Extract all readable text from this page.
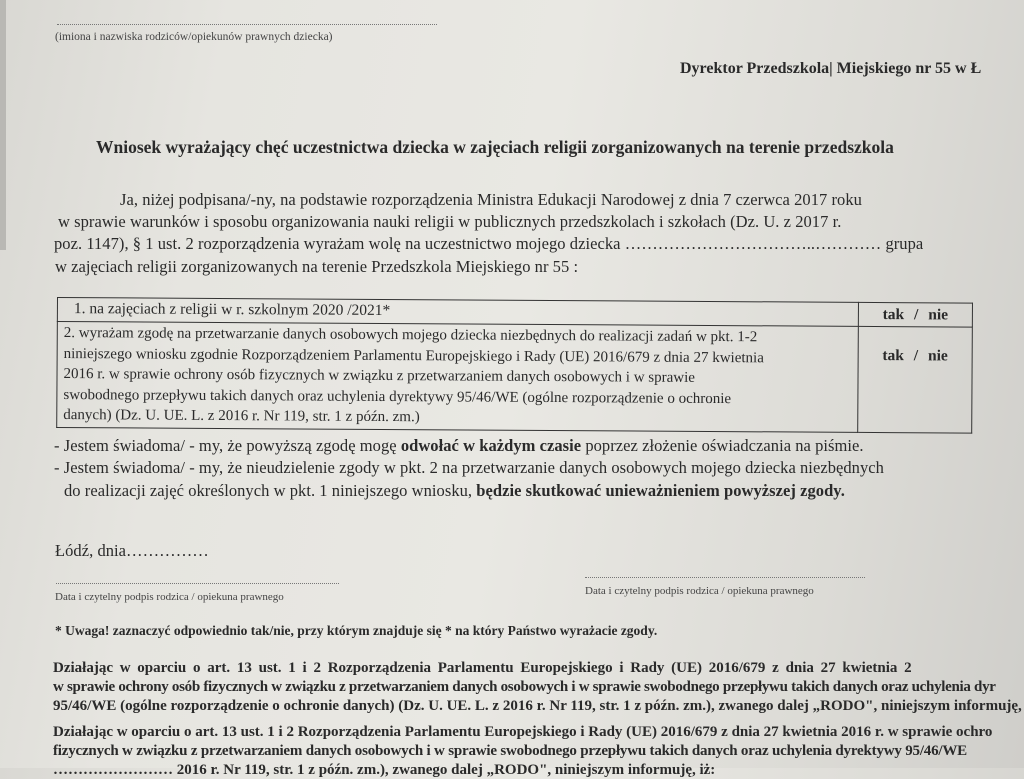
(imiona i nazwiska rodziców/opiekunów prawnych dziecka)
Dyrektor Przedszkola| Miejskiego nr 55 w Ł
Wniosek wyrażający chęć uczestnictwa dziecka w zajęciach religii zorganizowanych na terenie przedszkola
Ja, niżej podpisana/-ny, na podstawie rozporządzenia Ministra Edukacji Narodowej z dnia 7 czerwca 2017 roku
w sprawie warunków i sposobu organizowania nauki religii w publicznych przedszkolach i szkołach (Dz. U. z 2017 r.
poz. 1147), § 1 ust. 2 rozporządzenia wyrażam wolę na uczestnictwo mojego dziecka ……………………………..………… grupa
w zajęciach religii zorganizowanych na terenie Przedszkola Miejskiego nr 55 :
1. na zajęciach z religii w r. szkolnym 2020 /2021*	tak / nie

2. wyrażam zgodę na przetwarzanie danych osobowych mojego dziecka niezbędnych do realizacji zadań w pkt. 1-2
niniejszego wniosku zgodnie Rozporządzeniem Parlamentu Europejskiego i Rady (UE) 2016/679 z dnia 27 kwietnia
2016 r. w sprawie ochrony osób fizycznych w związku z przetwarzaniem danych osobowych i w sprawie
swobodnego przepływu takich danych oraz uchylenia dyrektywy 95/46/WE (ogólne rozporządzenie o ochronie
danych) (Dz. U. UE. L. z 2016 r. Nr 119, str. 1 z późn. zm.)	tak / nie
- Jestem świadoma/ - my, że powyższą zgodę mogę odwołać w każdym czasie poprzez złożenie oświadczania na piśmie.
- Jestem świadoma/ - my, że nieudzielenie zgody w pkt. 2 na przetwarzanie danych osobowych mojego dziecka niezbędnych
do realizacji zajęć określonych w pkt. 1 niniejszego wniosku, będzie skutkować unieważnieniem powyższej zgody.
Łódź, dnia……………
Data i czytelny podpis rodzica / opiekuna prawnego	Data i czytelny podpis rodzica / opiekuna prawnego
* Uwaga! zaznaczyć odpowiednio tak/nie, przy którym znajduje się * na który Państwo wyrażacie zgody.
Działając w oparciu o art. 13 ust. 1 i 2 Rozporządzenia Parlamentu Europejskiego i Rady (UE) 2016/679 z dnia 27 kwietnia 2
w sprawie ochrony osób fizycznych w związku z przetwarzaniem danych osobowych i w sprawie swobodnego przepływu takich danych oraz uchylenia dyr
95/46/WE (ogólne rozporządzenie o ochronie danych) (Dz. U. UE. L. z 2016 r. Nr 119, str. 1 z późn. zm.), zwanego dalej „RODO", niniejszym informuję,
Działając w oparciu o art. 13 ust. 1 i 2 Rozporządzenia Parlamentu Europejskiego i Rady (UE) 2016/679 z dnia 27 kwietnia 2016 r. w sprawie ochro
fizycznych w związku z przetwarzaniem danych osobowych i w sprawie swobodnego przepływu takich danych oraz uchylenia dyrektywy 95/46/WE
…………………… 2016 r. Nr 119, str. 1 z późn. zm.), zwanego dalej „RODO", niniejszym informuję, iż:
